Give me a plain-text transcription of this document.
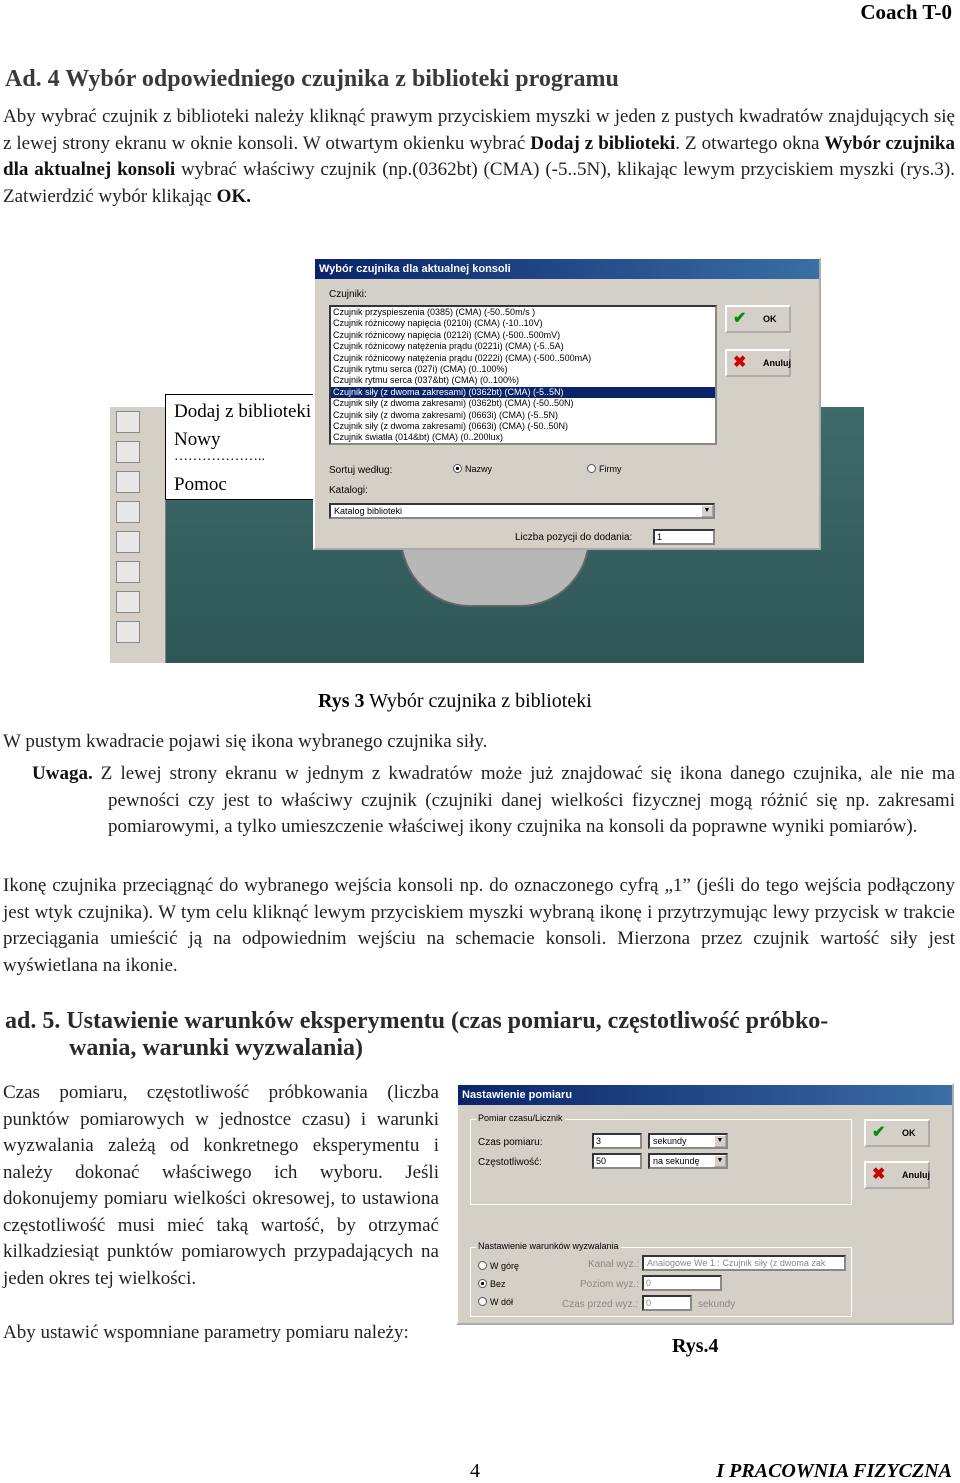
Coach T-0
Ad. 4 Wybór odpowiedniego czujnika z biblioteki programu
Aby wybrać czujnik z biblioteki należy kliknąć prawym przyciskiem myszki w jeden z pustych kwadratów znajdujących się z lewej strony ekranu w oknie konsoli. W otwartym okienku wybrać Dodaj z biblioteki. Z otwartego okna Wybór czujnika dla aktualnej konsoli wybrać właściwy czujnik (np.(0362bt) (CMA) (-5..5N), klikając lewym przyciskiem myszki (rys.3). Zatwierdzić wybór klikając OK.
Dodaj z biblioteki
Nowy
………………..
Pomoc
Wybór czujnika dla aktualnej konsoli
Czujniki:
Czujnik przyspieszenia (0385) (CMA) (-50..50m/s )
Czujnik różnicowy napięcia (0210i) (CMA) (-10..10V)
Czujnik różnicowy napięcia (0212i) (CMA) (-500..500mV)
Czujnik różnicowy natężenia prądu (0221i) (CMA) (-5..5A)
Czujnik różnicowy natężenia prądu (0222i) (CMA) (-500..500mA)
Czujnik rytmu serca (027i) (CMA) (0..100%)
Czujnik rytmu serca (037&bt) (CMA) (0..100%)
Czujnik siły (z dwoma zakresami) (0362bt) (CMA) (-5..5N)
Czujnik siły (z dwoma zakresami) (0362bt) (CMA) (-50..50N)
Czujnik siły (z dwoma zakresami) (0663i) (CMA) (-5..5N)
Czujnik siły (z dwoma zakresami) (0663i) (CMA) (-50..50N)
Czujnik światła (014&bt) (CMA) (0..200lux)
✔ OK
✖ Anuluj
Sortuj według:	Nazwy	Firmy
Katalogi:
Katalog biblioteki	▼
Liczba pozycji do dodania:	1
Rys 3 Wybór czujnika z biblioteki
W pustym kwadracie pojawi się ikona wybranego czujnika siły.
Uwaga. Z lewej strony ekranu w jednym z kwadratów może już znajdować się ikona danego czujnika, ale nie ma pewności czy jest to właściwy czujnik (czujniki danej wielkości fizycznej mogą różnić się np. zakresami pomiarowymi, a tylko umieszczenie właściwej ikony czujnika na konsoli da poprawne wyniki pomiarów).
Ikonę czujnika przeciągnąć do wybranego wejścia konsoli np. do oznaczonego cyfrą „1” (jeśli do tego wejścia podłączony jest wtyk czujnika). W tym celu kliknąć lewym przyciskiem myszki wybraną ikonę i przytrzymując lewy przycisk w trakcie przeciągania umieścić ją na odpowiednim wejściu na schemacie konsoli. Mierzona przez czujnik wartość siły jest wyświetlana na ikonie.
ad. 5. Ustawienie warunków eksperymentu (czas pomiaru, częstotliwość próbko-
wania, warunki wyzwalania)
Czas pomiaru, częstotliwość próbkowania (liczba punktów pomiarowych w jednostce czasu) i warunki wyzwalania zależą od konkretnego eksperymentu i należy dokonać właściwego ich wyboru. Jeśli dokonujemy pomiaru wielkości okresowej, to ustawiona częstotliwość musi mieć taką wartość, by otrzymać kilkadziesiąt punktów pomiarowych przypadających na jeden okres tej wielkości.
Aby ustawić wspomniane parametry pomiaru należy:
Nastawienie pomiaru
Pomiar czasu/Licznik
Czas pomiaru:	3	sekundy	▼
Częstotliwość:	50	na sekundę	▼
✔ OK
✖ Anuluj
Nastawienie warunków wyzwalania
W górę
Bez
W dół
Kanał wyz.: Analogowe We 1 : Czujnik siły (z dwoma zak
Poziom wyz.: 0
Czas przed wyz.: 0	sekundy
Rys.4
4	I PRACOWNIA FIZYCZNA
